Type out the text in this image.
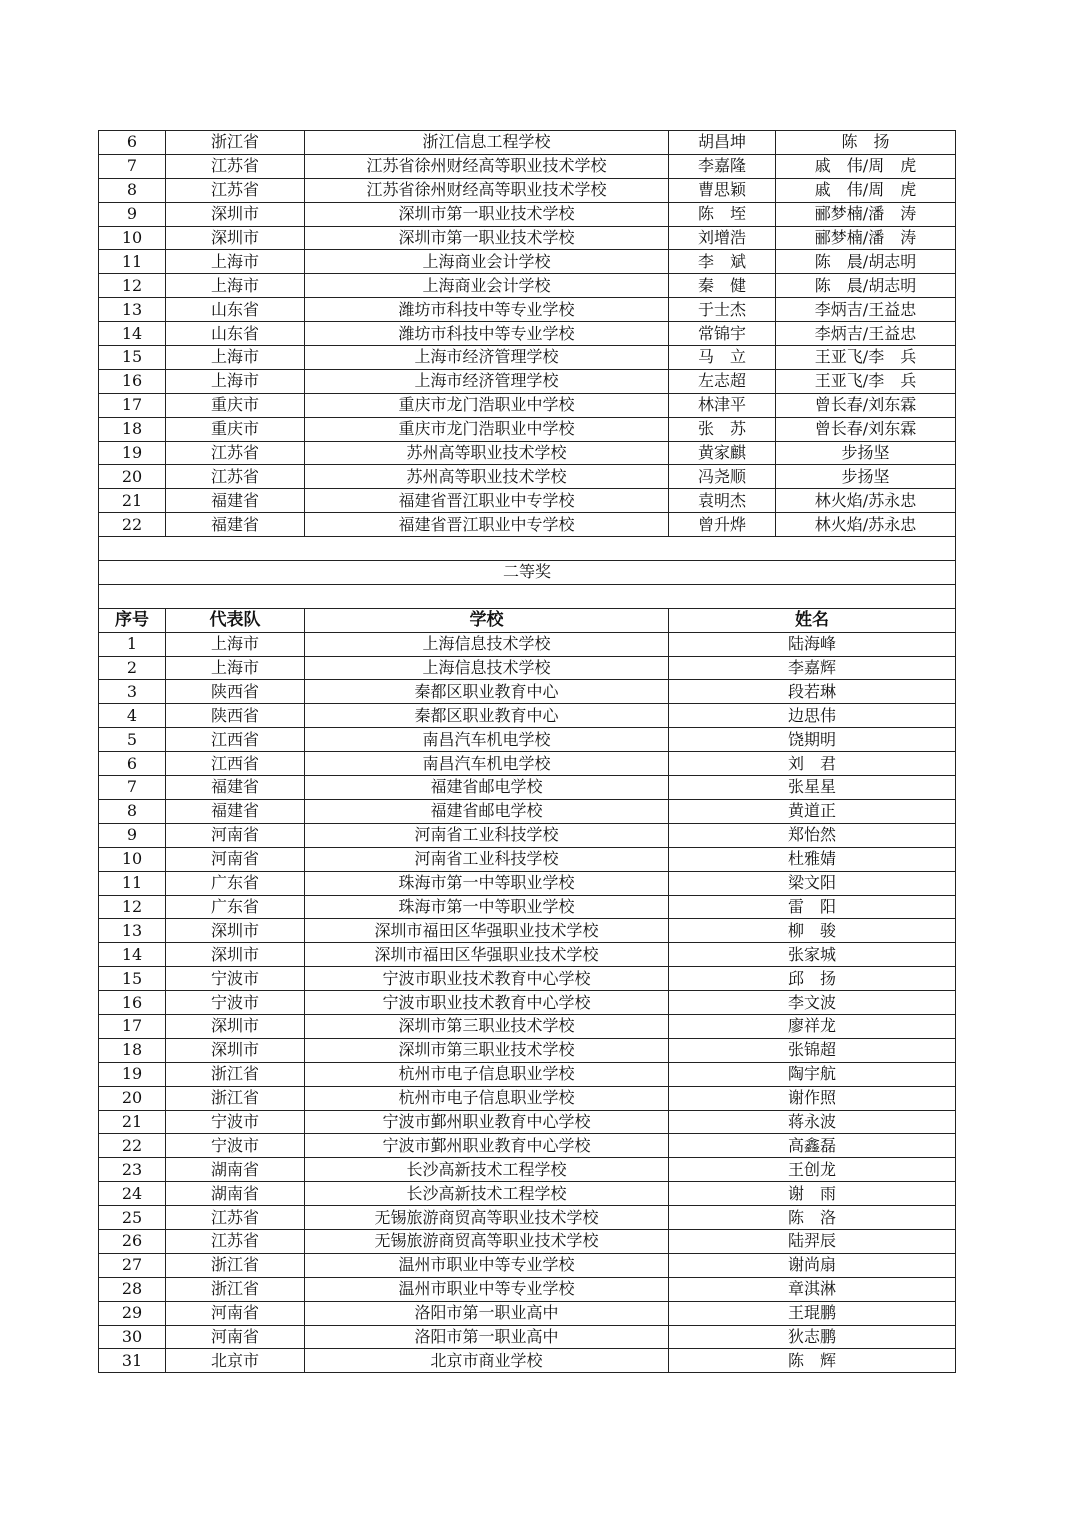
6	浙江省	浙江信息工程学校	胡昌坤	陈　扬
7	江苏省	江苏省徐州财经高等职业技术学校	李嘉隆	戚　伟/周　虎
8	江苏省	江苏省徐州财经高等职业技术学校	曹思颖	戚　伟/周　虎
9	深圳市	深圳市第一职业技术学校	陈　垤	郦梦楠/潘　涛
10	深圳市	深圳市第一职业技术学校	刘增浩	郦梦楠/潘　涛
11	上海市	上海商业会计学校	李　斌	陈　晨/胡志明
12	上海市	上海商业会计学校	秦　健	陈　晨/胡志明
13	山东省	潍坊市科技中等专业学校	于士杰	李炳吉/王益忠
14	山东省	潍坊市科技中等专业学校	常锦宇	李炳吉/王益忠
15	上海市	上海市经济管理学校	马　立	王亚飞/李　兵
16	上海市	上海市经济管理学校	左志超	王亚飞/李　兵
17	重庆市	重庆市龙门浩职业中学校	林津平	曾长春/刘东霖
18	重庆市	重庆市龙门浩职业中学校	张　苏	曾长春/刘东霖
19	江苏省	苏州高等职业技术学校	黄家麒	步扬坚
20	江苏省	苏州高等职业技术学校	冯尧顺	步扬坚
21	福建省	福建省晋江职业中专学校	袁明杰	林火焰/苏永忠
22	福建省	福建省晋江职业中专学校	曾升烨	林火焰/苏永忠

二等奖				

序号	代表队	学校	姓名	
1	上海市	上海信息技术学校	陆海峰	
2	上海市	上海信息技术学校	李嘉辉	
3	陕西省	秦都区职业教育中心	段若琳	
4	陕西省	秦都区职业教育中心	边思伟	
5	江西省	南昌汽车机电学校	饶期明	
6	江西省	南昌汽车机电学校	刘　君	
7	福建省	福建省邮电学校	张星星	
8	福建省	福建省邮电学校	黄道正	
9	河南省	河南省工业科技学校	郑怡然	
10	河南省	河南省工业科技学校	杜雅婧	
11	广东省	珠海市第一中等职业学校	梁文阳	
12	广东省	珠海市第一中等职业学校	雷　阳	
13	深圳市	深圳市福田区华强职业技术学校	柳　骏	
14	深圳市	深圳市福田区华强职业技术学校	张家城	
15	宁波市	宁波市职业技术教育中心学校	邱　扬	
16	宁波市	宁波市职业技术教育中心学校	李文波	
17	深圳市	深圳市第三职业技术学校	廖祥龙	
18	深圳市	深圳市第三职业技术学校	张锦超	
19	浙江省	杭州市电子信息职业学校	陶宇航	
20	浙江省	杭州市电子信息职业学校	谢作照	
21	宁波市	宁波市鄞州职业教育中心学校	蒋永波	
22	宁波市	宁波市鄞州职业教育中心学校	高鑫磊	
23	湖南省	长沙高新技术工程学校	王创龙	
24	湖南省	长沙高新技术工程学校	谢　雨	
25	江苏省	无锡旅游商贸高等职业技术学校	陈　洛	
26	江苏省	无锡旅游商贸高等职业技术学校	陆羿辰	
27	浙江省	温州市职业中等专业学校	谢尚扇	
28	浙江省	温州市职业中等专业学校	章淇淋	
29	河南省	洛阳市第一职业高中	王琨鹏	
30	河南省	洛阳市第一职业高中	狄志鹏	
31	北京市	北京市商业学校	陈　辉	
